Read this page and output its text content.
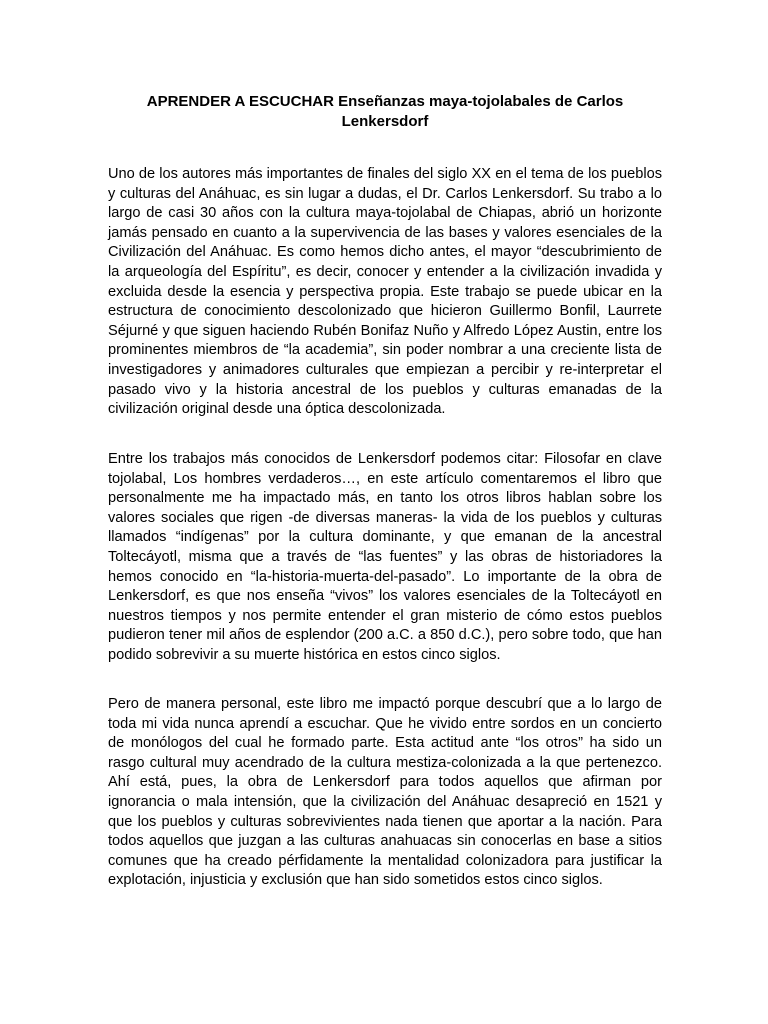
APRENDER A ESCUCHAR Enseñanzas maya-tojolabales de Carlos Lenkersdorf

Uno de los autores más importantes de finales del siglo XX en el tema de los pueblos y culturas del Anáhuac, es sin lugar a dudas, el Dr. Carlos Lenkersdorf. Su trabo a lo largo de casi 30 años con la cultura maya-tojolabal de Chiapas, abrió un horizonte jamás pensado en cuanto a la supervivencia de las bases y valores esenciales de la Civilización del Anáhuac. Es como hemos dicho antes, el mayor “descubrimiento de la arqueología del Espíritu”, es decir, conocer y entender a la civilización invadida y excluida desde la esencia y perspectiva propia. Este trabajo se puede ubicar en la estructura de conocimiento descolonizado que hicieron Guillermo Bonfil, Laurrete Séjurné y que siguen haciendo Rubén Bonifaz Nuño y Alfredo López Austin, entre los prominentes miembros de “la academia”, sin poder nombrar a una creciente lista de investigadores y animadores culturales que empiezan a percibir y re-interpretar el pasado vivo y la historia ancestral de los pueblos y culturas emanadas de la civilización original desde una óptica descolonizada.

Entre los trabajos más conocidos de Lenkersdorf podemos citar: Filosofar en clave tojolabal, Los hombres verdaderos…, en este artículo comentaremos el libro que personalmente me ha impactado más, en tanto los otros libros hablan sobre los valores sociales que rigen -de diversas maneras- la vida de los pueblos y culturas llamados “indígenas” por la cultura dominante, y que emanan de la ancestral Toltecáyotl, misma que a través de “las fuentes” y las obras de historiadores la hemos conocido en “la-historia-muerta-del-pasado”. Lo importante de la obra de Lenkersdorf, es que nos enseña “vivos” los valores esenciales de la Toltecáyotl en nuestros tiempos y nos permite entender el gran misterio de cómo estos pueblos pudieron tener mil años de esplendor (200 a.C. a 850 d.C.), pero sobre todo, que han podido sobrevivir a su muerte histórica en estos cinco siglos.

Pero de manera personal, este libro me impactó porque descubrí que a lo largo de toda mi vida nunca aprendí a escuchar. Que he vivido entre sordos en un concierto de monólogos del cual he formado parte. Esta actitud ante “los otros” ha sido un rasgo cultural muy acendrado de la cultura mestiza-colonizada a la que pertenezco. Ahí está, pues, la obra de Lenkersdorf para todos aquellos que afirman por ignorancia o mala intensión, que la civilización del Anáhuac desapreció en 1521 y que los pueblos y culturas sobrevivientes nada tienen que aportar a la nación. Para todos aquellos que juzgan a las culturas anahuacas sin conocerlas en base a sitios comunes que ha creado pérfidamente la mentalidad colonizadora para justificar la explotación, injusticia y exclusión que han sido sometidos estos cinco siglos.
